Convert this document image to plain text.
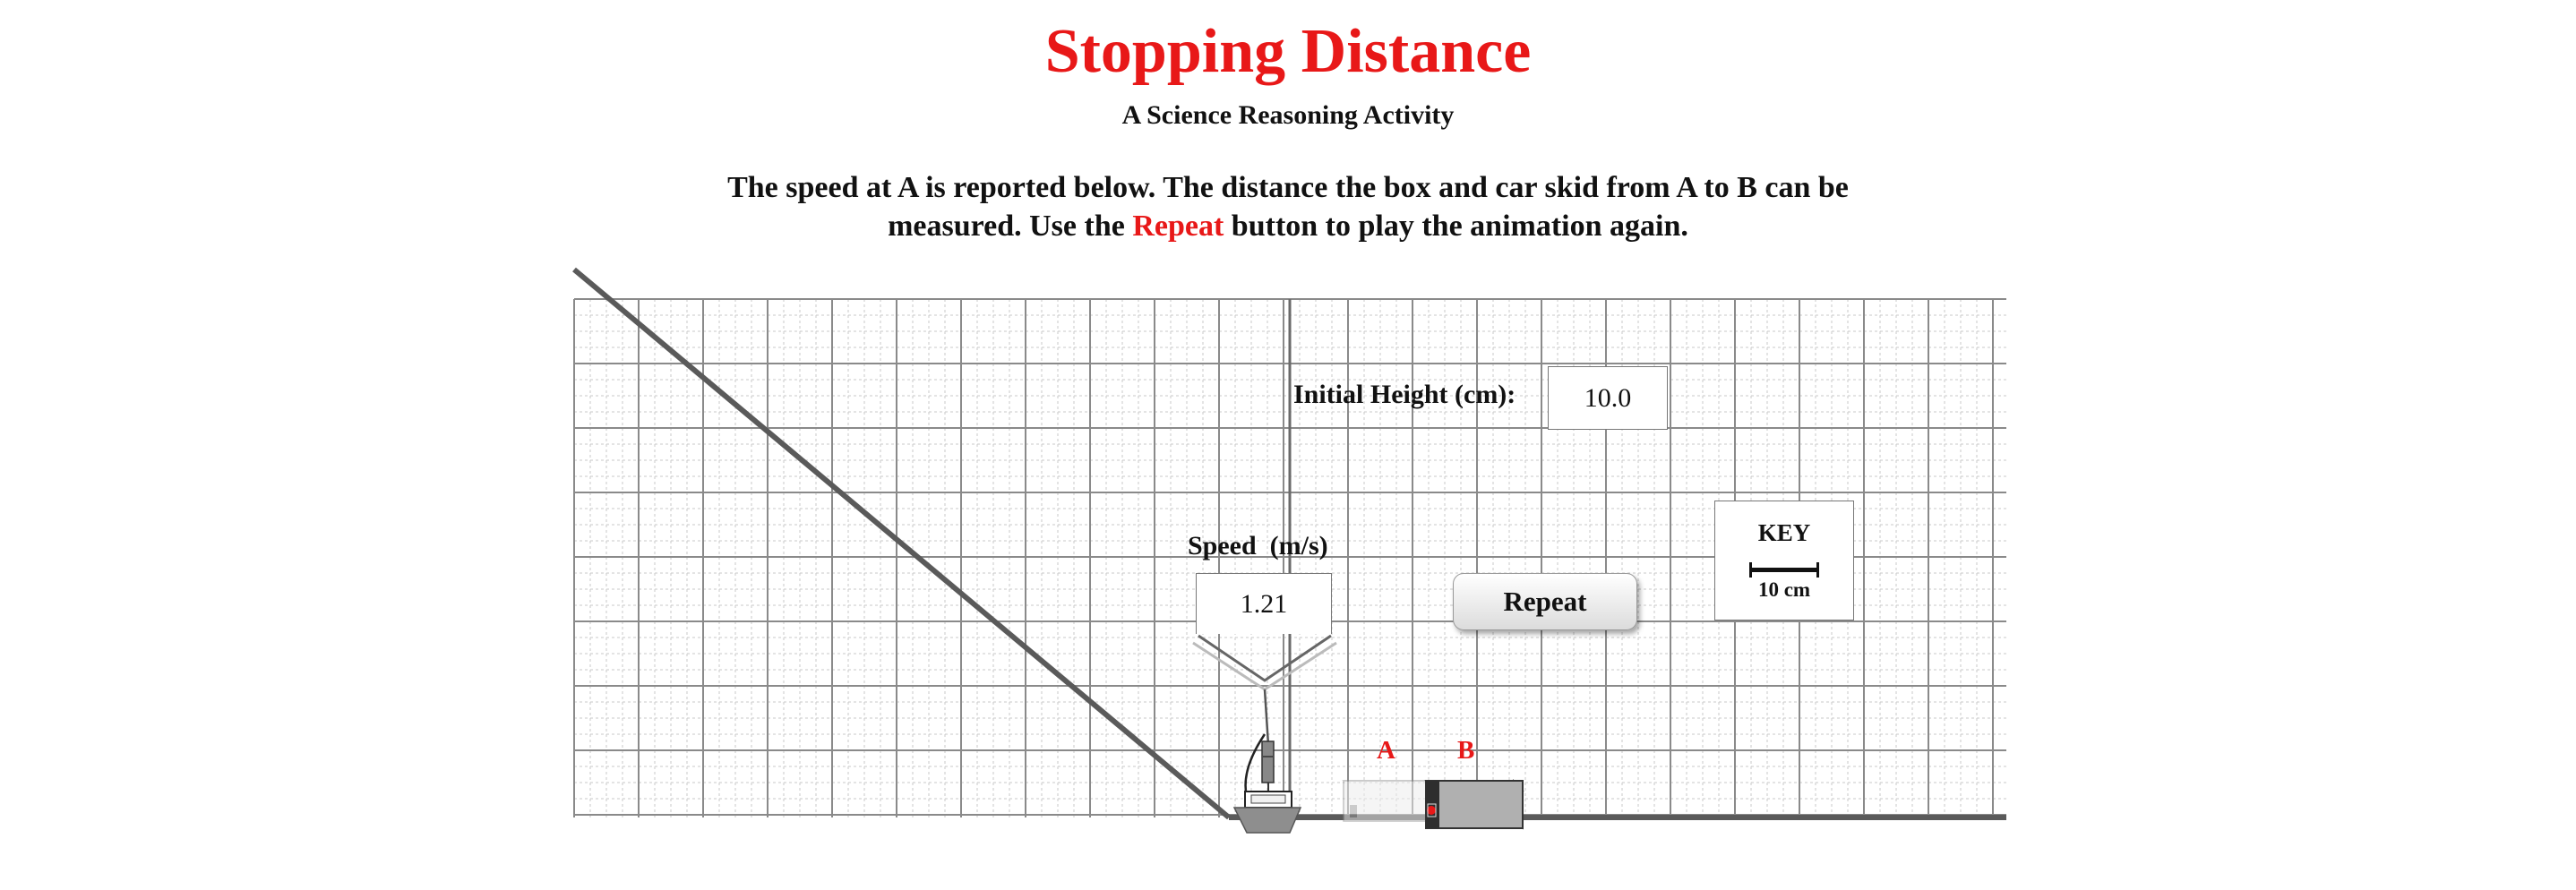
Stopping Distance
A Science Reasoning Activity
The speed at A is reported below. The distance the box and car skid from A to B can be measured. Use the Repeat button to play the animation again.
Initial Height (cm):	10.0
Speed  (m/s)
1.21	Repeat
KEY
10 cm
A B
